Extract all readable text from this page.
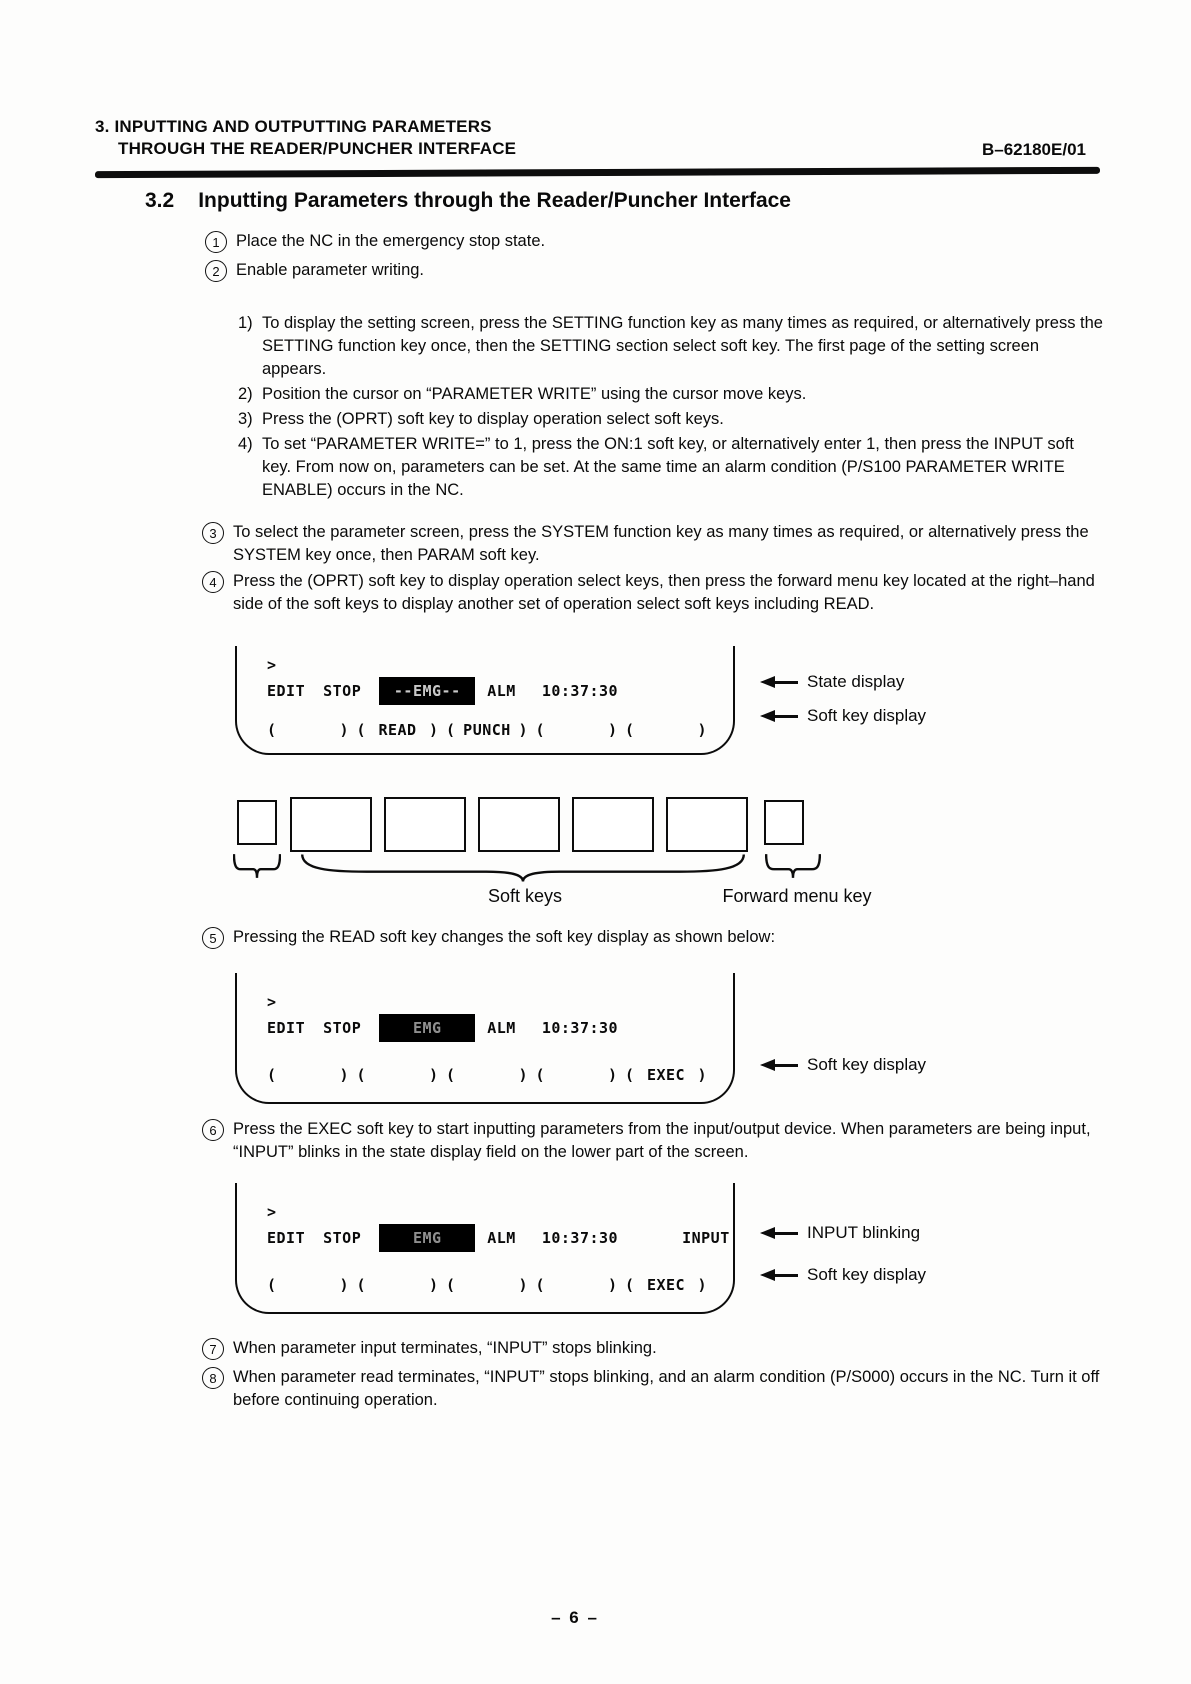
3. INPUTTING AND OUTPUTTING PARAMETERS
THROUGH THE READER/PUNCHER INTERFACE	B–62180E/01
3.2 Inputting Parameters through the Reader/Puncher Interface
1 Place the NC in the emergency stop state.
2 Enable parameter writing.
1) To display the setting screen, press the SETTING function key as many times as required, or alternatively press the SETTING function key once, then the SETTING section select soft key. The first page of the setting screen appears.
2) Position the cursor on “PARAMETER WRITE” using the cursor move keys.
3) Press the (OPRT) soft key to display operation select soft keys.
4) To set “PARAMETER WRITE=” to 1, press the ON:1 soft key, or alternatively enter 1, then press the INPUT soft key. From now on, parameters can be set. At the same time an alarm condition (P/S100 PARAMETER WRITE ENABLE) occurs in the NC.
3 To select the parameter screen, press the SYSTEM function key as many times as required, or alternatively press the SYSTEM key once, then PARAM soft key.
4 Press the (OPRT) soft key to display operation select keys, then press the forward menu key located at the right–hand side of the soft keys to display another set of operation select soft keys including READ.
>
EDIT STOP	--EMG--	ALM 10:37:30
(	) ( READ ) ( PUNCH ) (	) (	)
State display
Soft key display
Soft keys	Forward menu key
5 Pressing the READ soft key changes the soft key display as shown below:
>
EDIT STOP	EMG	ALM 10:37:30
(	) (	) (	) (	) ( EXEC )
Soft key display
6 Press the EXEC soft key to start inputting parameters from the input/output device. When parameters are being input, “INPUT” blinks in the state display field on the lower part of the screen.
>
EDIT STOP	EMG	ALM 10:37:30	INPUT
(	) (	) (	) (	) ( EXEC )
INPUT blinking
Soft key display
7 When parameter input terminates, “INPUT” stops blinking.
8 When parameter read terminates, “INPUT” stops blinking, and an alarm condition (P/S000) occurs in the NC. Turn it off before continuing operation.
– 6 –
